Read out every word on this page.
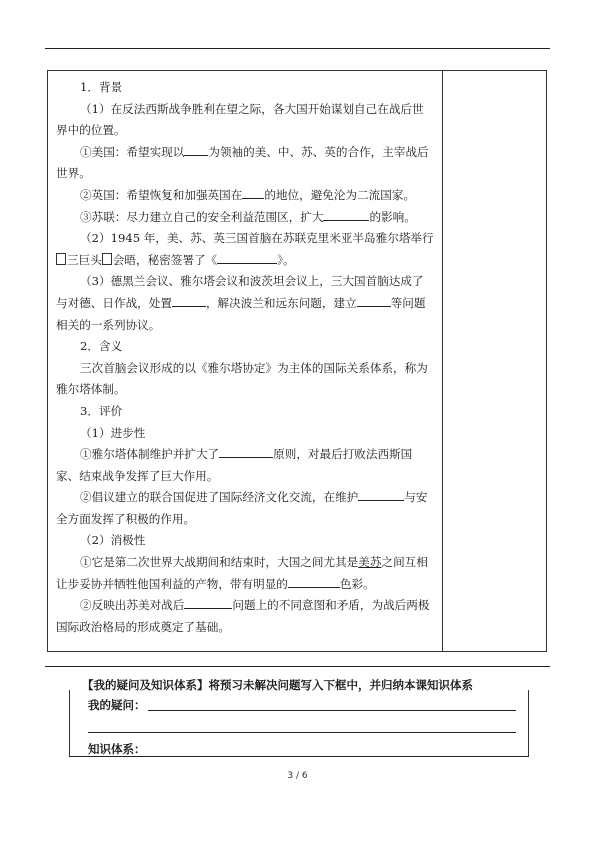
1．背景

（1）在反法西斯战争胜利在望之际，各大国开始谋划自己在战后世界中的位置。

①美国：希望实现以 为领袖的美、中、苏、英的合作，主宰战后世界。

②英国：希望恢复和加强英国在 的地位，避免沦为二流国家。

③苏联：尽力建立自己的安全利益范围区，扩大	的影响。

（2）1945 年，美、苏、英三国首脑在苏联克里米亚半岛雅尔塔举行三巨头 会晤，秘密签署了《	》。

（3）德黑兰会议、雅尔塔会议和波茨坦会议上，三大国首脑达成了与对德、日作战，处置	，解决波兰和远东问题，建立	等问题相关的一系列协议。

2．含义

三次首脑会议形成的以《雅尔塔协定》为主体的国际关系体系，称为雅尔塔体制。

3．评价

（1）进步性

①雅尔塔体制维护并扩大了	原则，对最后打败法西斯国家、结束战争发挥了巨大作用。

②倡议建立的联合国促进了国际经济文化交流，在维护	与安全方面发挥了积极的作用。

（2）消极性

①它是第二次世界大战期间和结束时，大国之间尤其是美苏之间互相让步妥协并牺牲他国利益的产物，带有明显的	色彩。

②反映出苏美对战后	问题上的不同意图和矛盾，为战后两极国际政治格局的形成奠定了基础。

【我的疑问及知识体系】将预习未解决问题写入下框中，并归纳本课知识体系
我的疑问：
知识体系：
3 / 6
